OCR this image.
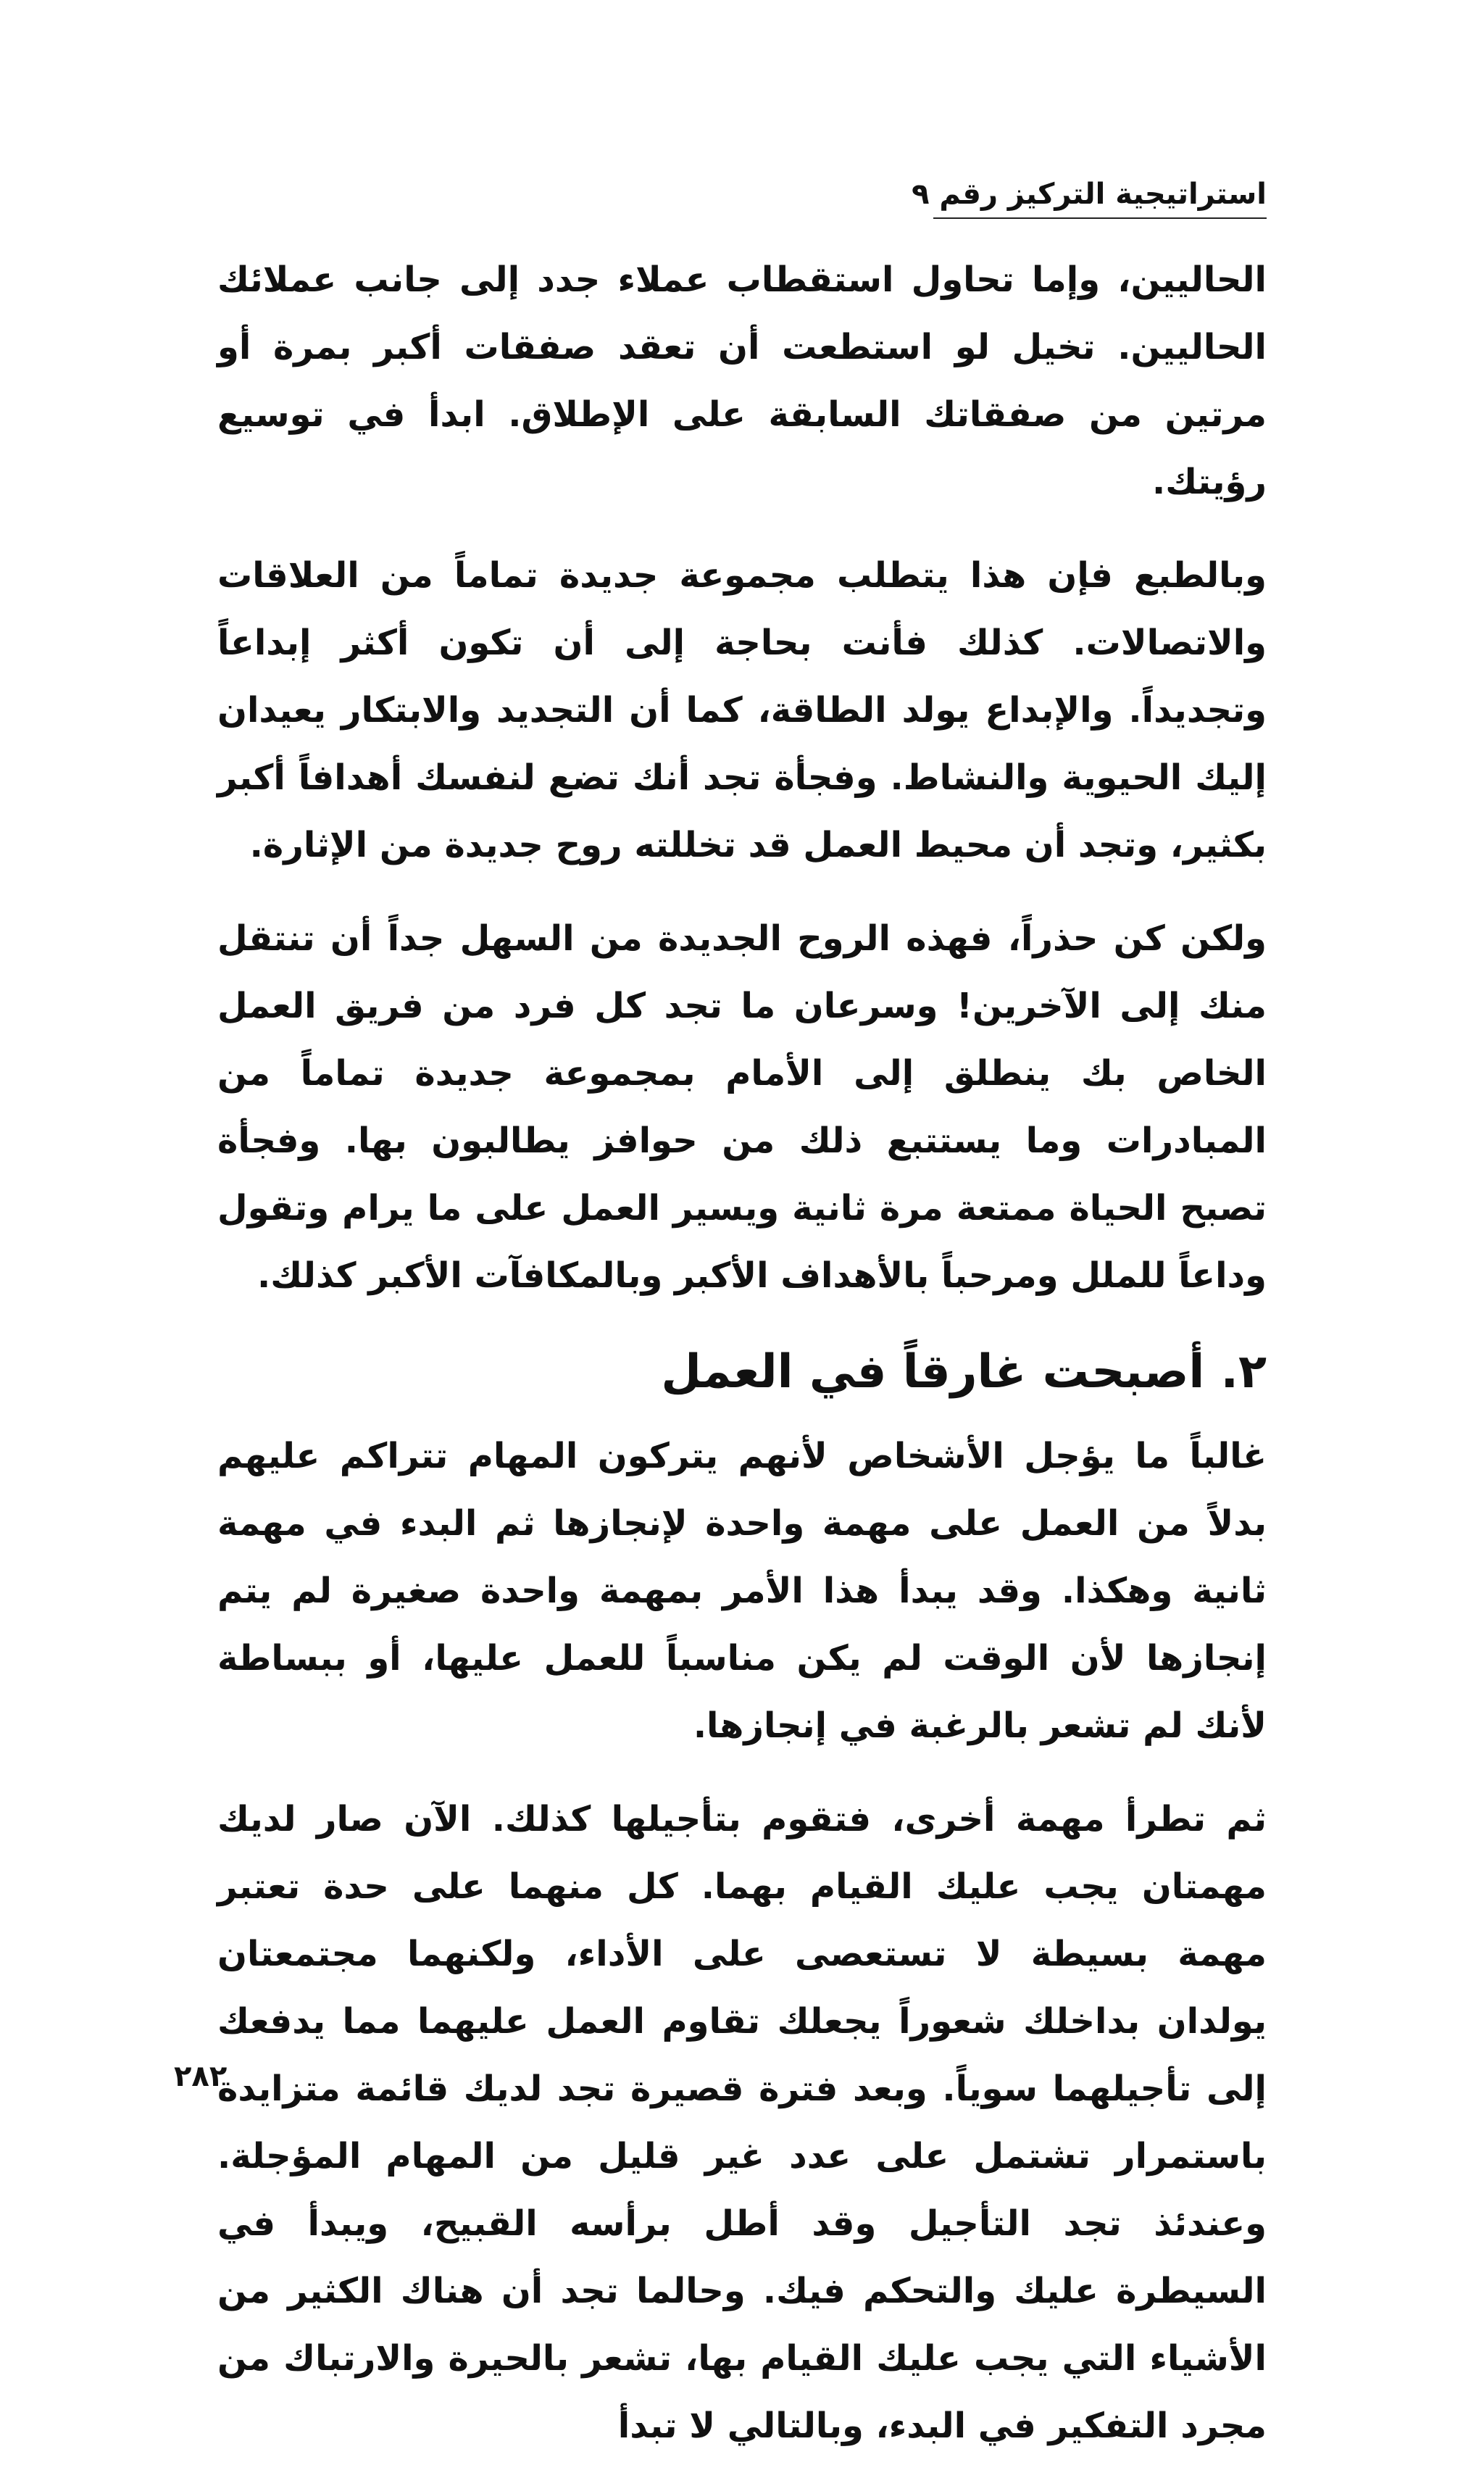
استراتيجية التركيز رقم ٩

الحاليين، وإما تحاول استقطاب عملاء جدد إلى جانب عملائك الحاليين. تخيل لو استطعت أن تعقد صفقات أكبر بمرة أو مرتين من صفقاتك السابقة على الإطلاق. ابدأ في توسيع رؤيتك.

وبالطبع فإن هذا يتطلب مجموعة جديدة تماماً من العلاقات والاتصالات. كذلك فأنت بحاجة إلى أن تكون أكثر إبداعاً وتجديداً. والإبداع يولد الطاقة، كما أن التجديد والابتكار يعيدان إليك الحيوية والنشاط. وفجأة تجد أنك تضع لنفسك أهدافاً أكبر بكثير، وتجد أن محيط العمل قد تخللته روح جديدة من الإثارة.

ولكن كن حذراً، فهذه الروح الجديدة من السهل جداً أن تنتقل منك إلى الآخرين! وسرعان ما تجد كل فرد من فريق العمل الخاص بك ينطلق إلى الأمام بمجموعة جديدة تماماً من المبادرات وما يستتبع ذلك من حوافز يطالبون بها. وفجأة تصبح الحياة ممتعة مرة ثانية ويسير العمل على ما يرام وتقول وداعاً للملل ومرحباً بالأهداف الأكبر وبالمكافآت الأكبر كذلك.

٢. أصبحت غارقاً في العمل

غالباً ما يؤجل الأشخاص لأنهم يتركون المهام تتراكم عليهم بدلاً من العمل على مهمة واحدة لإنجازها ثم البدء في مهمة ثانية وهكذا. وقد يبدأ هذا الأمر بمهمة واحدة صغيرة لم يتم إنجازها لأن الوقت لم يكن مناسباً للعمل عليها، أو ببساطة لأنك لم تشعر بالرغبة في إنجازها.

ثم تطرأ مهمة أخرى، فتقوم بتأجيلها كذلك. الآن صار لديك مهمتان يجب عليك القيام بهما. كل منهما على حدة تعتبر مهمة بسيطة لا تستعصى على الأداء، ولكنهما مجتمعتان يولدان بداخلك شعوراً يجعلك تقاوم العمل عليهما مما يدفعك إلى تأجيلهما سوياً. وبعد فترة قصيرة تجد لديك قائمة متزايدة باستمرار تشتمل على عدد غير قليل من المهام المؤجلة. وعندئذ تجد التأجيل وقد أطل برأسه القبيح، ويبدأ في السيطرة عليك والتحكم فيك. وحالما تجد أن هناك الكثير من الأشياء التي يجب عليك القيام بها، تشعر بالحيرة والارتباك من مجرد التفكير في البدء، وبالتالي لا تبدأ

٢٨٢
